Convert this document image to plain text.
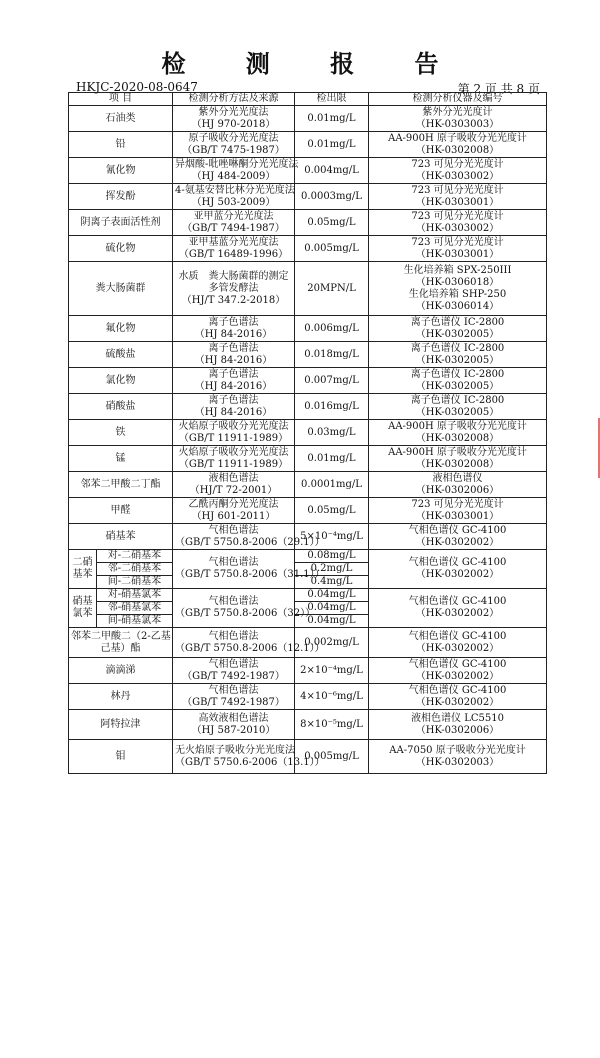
检 测 报 告
HKJC-2020-08-0647	第 2 页 共 8 页
项 目		检测分析方法及来源	检出限	检测分析仪器及编号
石油类		紫外分光光度法
（HJ 970-2018）	0.01mg/L	紫外分光光度计
（HK-0303003）

铅		原子吸收分光光度法
（GB/T 7475-1987）	0.01mg/L	AA-900H 原子吸收分光光度计
（HK-0302008）

氰化物		异烟酸-吡唑啉酮分光光度法
（HJ 484-2009）	0.004mg/L	723 可见分光光度计
（HK-0303002）

挥发酚		4-氨基安替比林分光光度法
（HJ 503-2009）	0.0003mg/L	723 可见分光光度计
（HK-0303001）

阴离子表面活性剂		亚甲蓝分光光度法
（GB/T 7494-1987）	0.05mg/L	723 可见分光光度计
（HK-0303002）

硫化物		亚甲基蓝分光光度法
（GB/T 16489-1996）	0.005mg/L	723 可见分光光度计
（HK-0303001）

粪大肠菌群		水质　粪大肠菌群的测定
多管发酵法
（HJ/T 347.2-2018）	20MPN/L	生化培养箱 SPX-250III
（HK-0306018）
生化培养箱 SHP-250
（HK-0306014）

氟化物		离子色谱法
（HJ 84-2016）	0.006mg/L	离子色谱仪 IC-2800
（HK-0302005）

硫酸盐		离子色谱法
（HJ 84-2016）	0.018mg/L	离子色谱仪 IC-2800
（HK-0302005）

氯化物		离子色谱法
（HJ 84-2016）	0.007mg/L	离子色谱仪 IC-2800
（HK-0302005）

硝酸盐		离子色谱法
（HJ 84-2016）	0.016mg/L	离子色谱仪 IC-2800
（HK-0302005）

铁		火焰原子吸收分光光度法
（GB/T 11911-1989）	0.03mg/L	AA-900H 原子吸收分光光度计
（HK-0302008）

锰		火焰原子吸收分光光度法
（GB/T 11911-1989）	0.01mg/L	AA-900H 原子吸收分光光度计
（HK-0302008）

邻苯二甲酸二丁酯		液相色谱法
（HJ/T 72-2001）	0.0001mg/L	液相色谱仪
（HK-0302006）

甲醛		乙酰丙酮分光光度法
（HJ 601-2011）	0.05mg/L	723 可见分光光度计
（HK-0303001）

硝基苯		气相色谱法
（GB/T 5750.8-2006（29.1））	5×10⁻⁴mg/L	气相色谱仪 GC-4100
（HK-0302002）

二硝
基苯	对-二硝基苯	气相色谱法
（GB/T 5750.8-2006（31.1））	0.08mg/L	气相色谱仪 GC-4100
（HK-0302002）

	邻-二硝基苯		0.2mg/L	
	间-二硝基苯		0.4mg/L	

硝基
氯苯	对-硝基氯苯	气相色谱法
（GB/T 5750.8-2006（32））	0.04mg/L	气相色谱仪 GC-4100
（HK-0302002）

	邻-硝基氯苯		0.04mg/L	
	间-硝基氯苯		0.04mg/L	

邻苯二甲酸二（2-乙基
己基）酯		气相色谱法
（GB/T 5750.8-2006（12.1））	0.002mg/L	气相色谱仪 GC-4100
（HK-0302002）

滴滴涕		气相色谱法
（GB/T 7492-1987）	2×10⁻⁴mg/L	气相色谱仪 GC-4100
（HK-0302002）

林丹		气相色谱法
（GB/T 7492-1987）	4×10⁻⁶mg/L	气相色谱仪 GC-4100
（HK-0302002）

阿特拉津		高效液相色谱法
（HJ 587-2010）	8×10⁻⁵mg/L	液相色谱仪 LC5510
（HK-0302006）

钼		无火焰原子吸收分光光度法
（GB/T 5750.6-2006（13.1））	0.005mg/L	AA-7050 原子吸收分光光度计
（HK-0302003）
